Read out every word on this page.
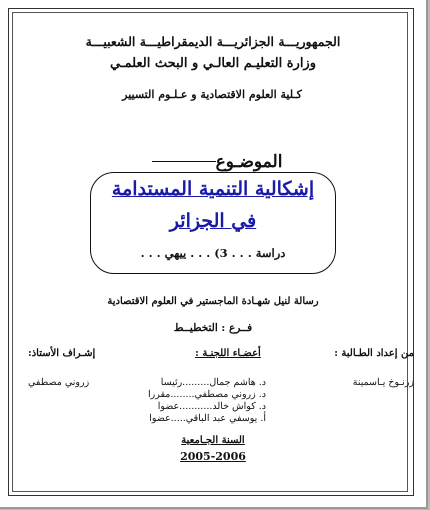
الجمهوريـــة الجزائريـــة الديمقراطيـــة الشعبيـــة
وزارة التعليـم العالـي و البحث العلمـي
كـلية العلوم الاقتصادية و عـلـوم التسيير
الموضـوع
إشكالية التنمية المستدامة
في الجزائر
دراسة . . . 3) . . . ييهي . . .
رسالة لنيل شهـادة الماجستير في العلوم الاقتصادية
فــرع : التخطيــط
من إعداد الطـالبة :
أعضـاء اللجنـة :
إشـراف الأستاذ:
زرنـوخ يـاسمينة
زروني مصطفي	د. هاشم جمال.........رئيسا
د. زروني مصطفي........مقررا
د. كواش خالد...........عضوا
أ. يوسفي عبد الباقي.....عضوا
السنة الجـامعية
2005-2006
